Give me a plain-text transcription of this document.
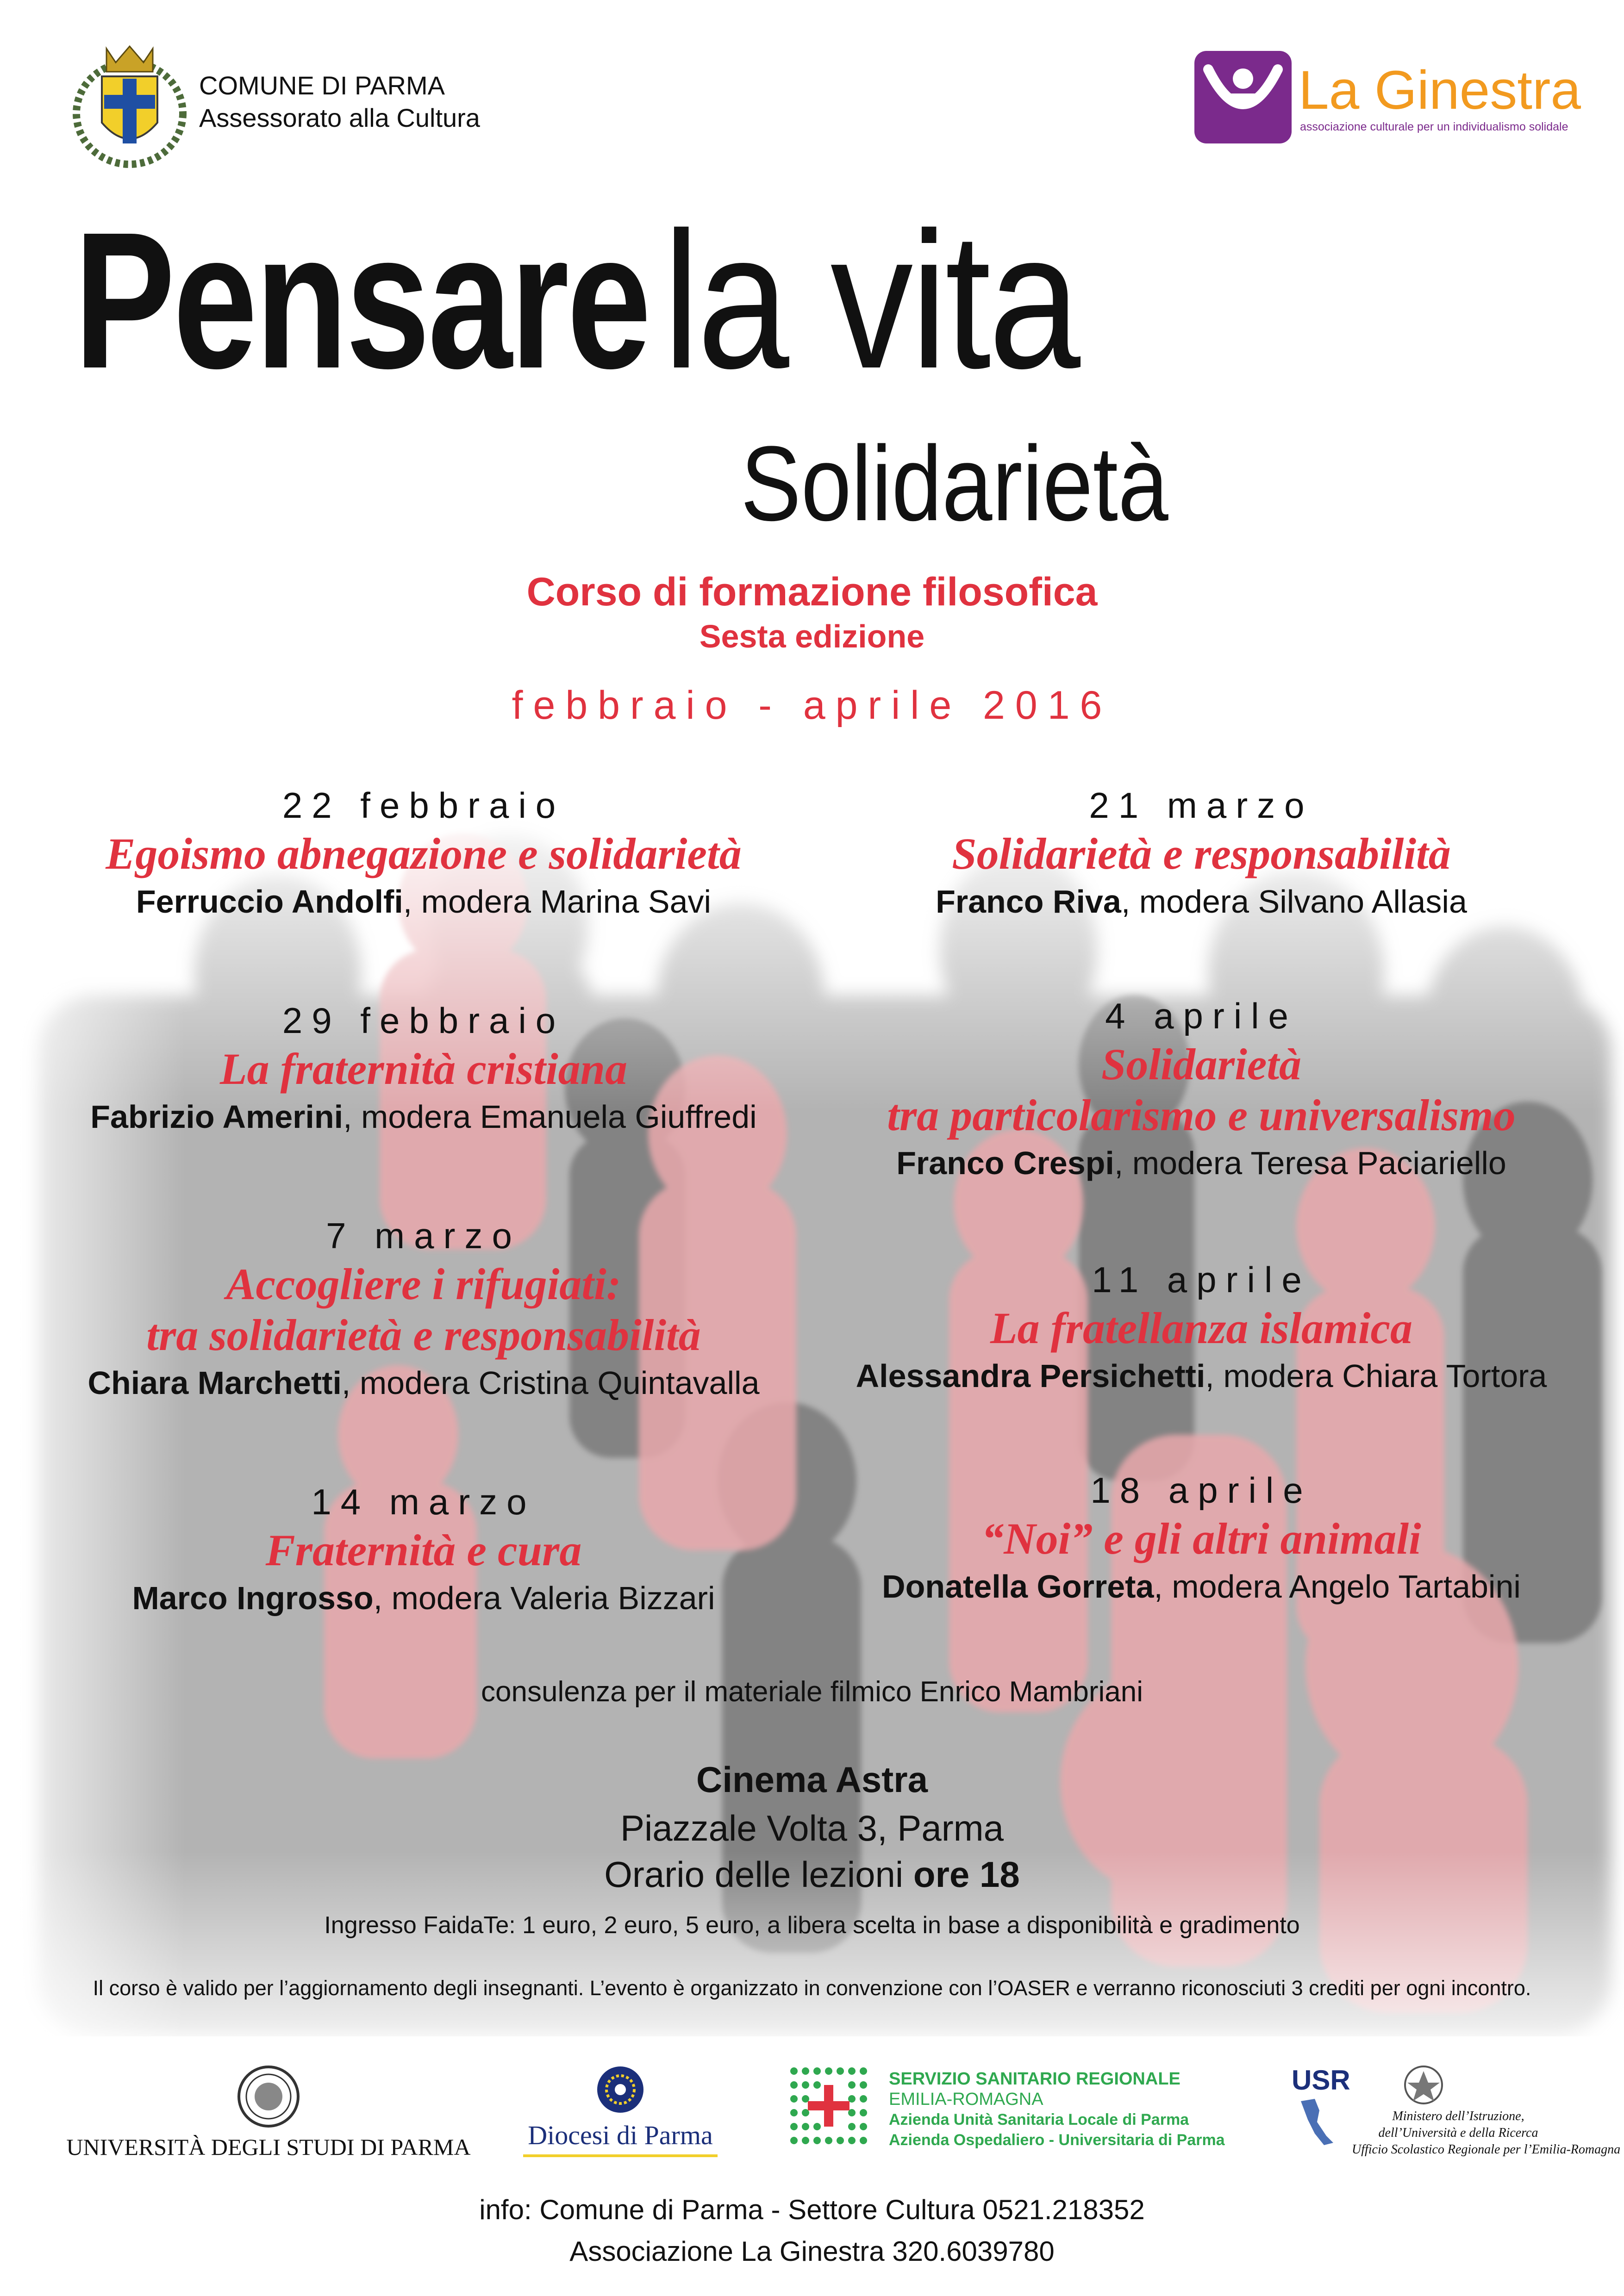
COMUNE DI PARMA
Assessorato alla Cultura	La Ginestra
associazione culturale per un individualismo solidale
Pensarela vita
Solidarietà
Corso di formazione filosofica
Sesta edizione
febbraio - aprile 2016
22 febbraio
Egoismo abnegazione e solidarietà
Ferruccio Andolfi, modera Marina Savi
29 febbraio
La fraternità cristiana
Fabrizio Amerini, modera Emanuela Giuffredi
7 marzo
Accogliere i rifugiati:
tra solidarietà e responsabilità
Chiara Marchetti, modera Cristina Quintavalla
14 marzo
Fraternità e cura
Marco Ingrosso, modera Valeria Bizzari
21 marzo
Solidarietà e responsabilità
Franco Riva, modera Silvano Allasia
4 aprile
Solidarietà
tra particolarismo e universalismo
Franco Crespi, modera Teresa Paciariello
11 aprile
La fratellanza islamica
Alessandra Persichetti, modera Chiara Tortora
18 aprile
“Noi” e gli altri animali
Donatella Gorreta, modera Angelo Tartabini
consulenza per il materiale filmico Enrico Mambriani
Cinema Astra
Piazzale Volta 3, Parma
Orario delle lezioni ore 18
Ingresso FaidaTe: 1 euro, 2 euro, 5 euro, a libera scelta in base a disponibilità e gradimento
Il corso è valido per l’aggiornamento degli insegnanti. L’evento è organizzato in convenzione con l’OASER e verranno riconosciuti 3 crediti per ogni incontro.
UNIVERSITÀ DEGLI STUDI DI PARMA	Diocesi di Parma
SERVIZIO SANITARIO REGIONALE
EMILIA-ROMAGNA
Azienda Unità Sanitaria Locale di Parma
Azienda Ospedaliero - Universitaria di Parma
USR
Ministero dell’Istruzione,
dell’Università e della Ricerca
Ufficio Scolastico Regionale per l’Emilia-Romagna
info: Comune di Parma - Settore Cultura 0521.218352
Associazione La Ginestra 320.6039780
